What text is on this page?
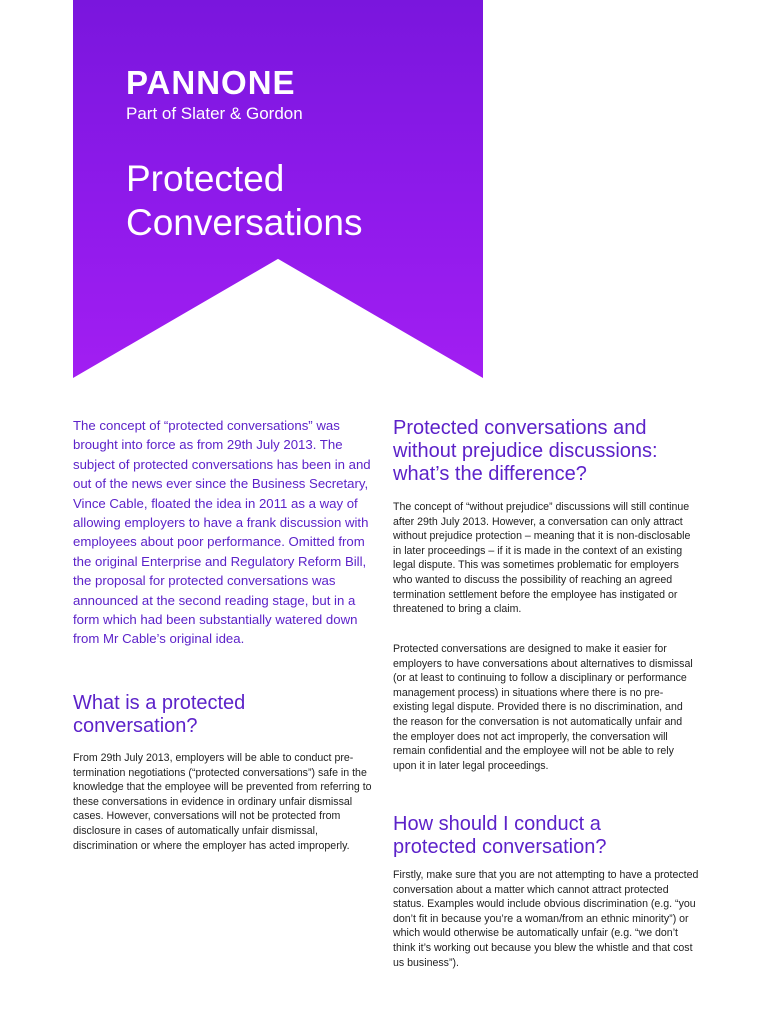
PANNONE
Part of Slater & Gordon
Protected
Conversations

The concept of “protected conversations” was brought into force as from 29th July 2013. The subject of protected conversations has been in and out of the news ever since the Business Secretary, Vince Cable, floated the idea in 2011 as a way of allowing employers to have a frank discussion with employees about poor performance. Omitted from the original Enterprise and Regulatory Reform Bill, the proposal for protected conversations was announced at the second reading stage, but in a form which had been substantially watered down from Mr Cable’s original idea.

What is a protected conversation?

From 29th July 2013, employers will be able to conduct pre-termination negotiations (“protected conversations”) safe in the knowledge that the employee will be prevented from referring to these conversations in evidence in ordinary unfair dismissal cases. However, conversations will not be protected from disclosure in cases of automatically unfair dismissal, discrimination or where the employer has acted improperly.

Protected conversations and without prejudice discussions: what’s the difference?

The concept of “without prejudice” discussions will still continue after 29th July 2013. However, a conversation can only attract without prejudice protection – meaning that it is non-disclosable in later proceedings – if it is made in the context of an existing legal dispute. This was sometimes problematic for employers who wanted to discuss the possibility of reaching an agreed termination settlement before the employee has instigated or threatened to bring a claim.

Protected conversations are designed to make it easier for employers to have conversations about alternatives to dismissal (or at least to continuing to follow a disciplinary or performance management process) in situations where there is no pre-existing legal dispute. Provided there is no discrimination, and the reason for the conversation is not automatically unfair and the employer does not act improperly, the conversation will remain confidential and the employee will not be able to rely upon it in later legal proceedings.

How should I conduct a protected conversation?

Firstly, make sure that you are not attempting to have a protected conversation about a matter which cannot attract protected status. Examples would include obvious discrimination (e.g. “you don’t fit in because you’re a woman/from an ethnic minority”) or which would otherwise be automatically unfair (e.g. “we don’t think it’s working out because you blew the whistle and that cost us business”).
